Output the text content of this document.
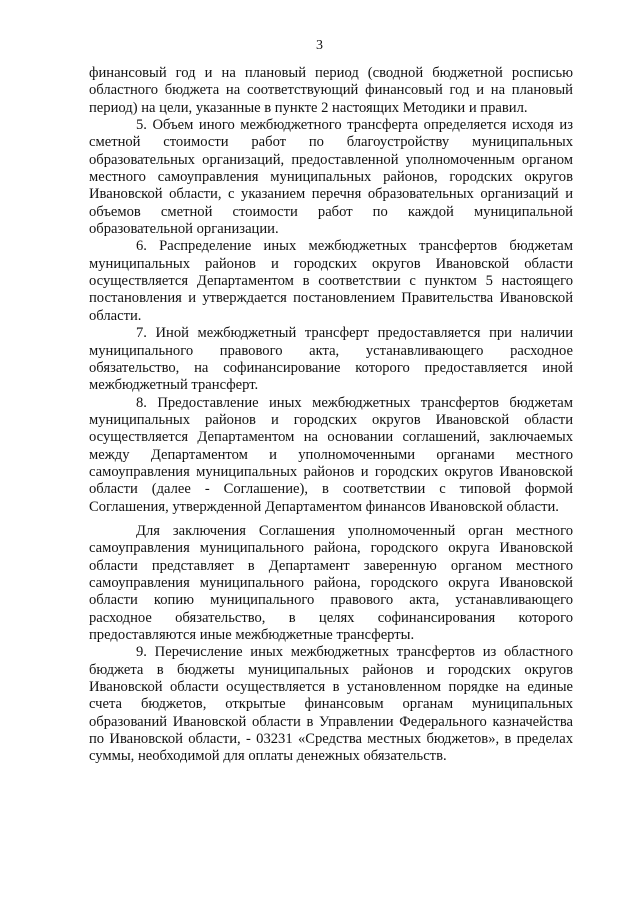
3

финансовый год и на плановый период (сводной бюджетной росписью областного бюджета на соответствующий финансовый год и на плановый период) на цели, указанные в пункте 2 настоящих Методики и правил.

5. Объем иного межбюджетного трансферта определяется исходя из сметной стоимости работ по благоустройству муниципальных образовательных организаций, предоставленной уполномоченным органом местного самоуправления муниципальных районов, городских округов Ивановской области, с указанием перечня образовательных организаций и объемов сметной стоимости работ по каждой муниципальной образовательной организации.

6. Распределение иных межбюджетных трансфертов бюджетам муниципальных районов и городских округов Ивановской области осуществляется Департаментом в соответствии с пунктом 5 настоящего постановления и утверждается постановлением Правительства Ивановской области.

7. Иной межбюджетный трансферт предоставляется при наличии муниципального правового акта, устанавливающего расходное обязательство, на софинансирование которого предоставляется иной межбюджетный трансферт.

8. Предоставление иных межбюджетных трансфертов бюджетам муниципальных районов и городских округов Ивановской области осуществляется Департаментом на основании соглашений, заключаемых между Департаментом и уполномоченными органами местного самоуправления муниципальных районов и городских округов Ивановской области (далее - Соглашение), в соответствии с типовой формой Соглашения, утвержденной Департаментом финансов Ивановской области.

Для заключения Соглашения уполномоченный орган местного самоуправления муниципального района, городского округа Ивановской области представляет в Департамент заверенную органом местного самоуправления муниципального района, городского округа Ивановской области копию муниципального правового акта, устанавливающего расходное обязательство, в целях софинансирования которого предоставляются иные межбюджетные трансферты.

9. Перечисление иных межбюджетных трансфертов из областного бюджета в бюджеты муниципальных районов и городских округов Ивановской области осуществляется в установленном порядке на единые счета бюджетов, открытые финансовым органам муниципальных образований Ивановской области в Управлении Федерального казначейства по Ивановской области, - 03231 «Средства местных бюджетов», в пределах суммы, необходимой для оплаты денежных обязательств.
